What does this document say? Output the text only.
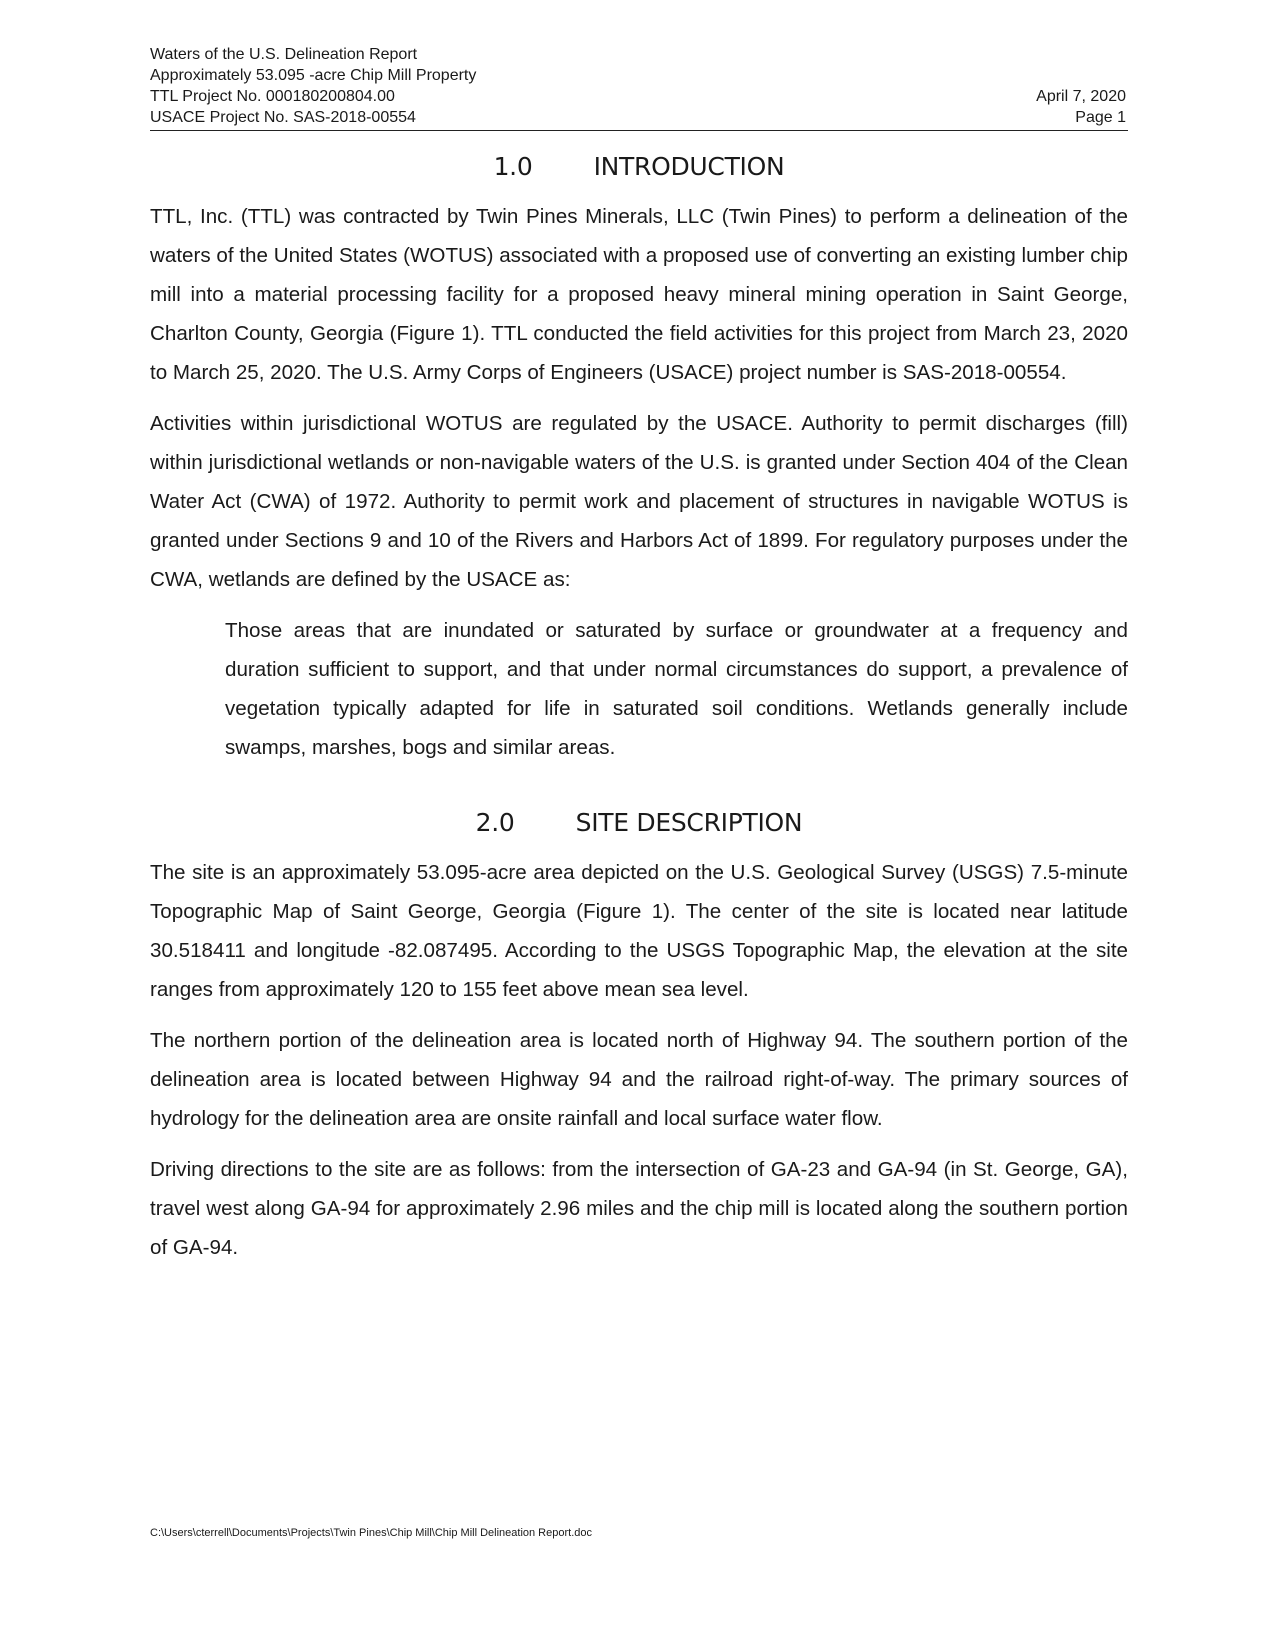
Waters of the U.S. Delineation Report
Approximately 53.095 -acre Chip Mill Property
TTL Project No. 000180200804.00
USACE Project No. SAS-2018-00554
April 7, 2020
Page 1
1.0 INTRODUCTION

TTL, Inc. (TTL) was contracted by Twin Pines Minerals, LLC (Twin Pines) to perform a delineation of the waters of the United States (WOTUS) associated with a proposed use of converting an existing lumber chip mill into a material processing facility for a proposed heavy mineral mining operation in Saint George, Charlton County, Georgia (Figure 1). TTL conducted the field activities for this project from March 23, 2020 to March 25, 2020. The U.S. Army Corps of Engineers (USACE) project number is SAS-2018-00554.

Activities within jurisdictional WOTUS are regulated by the USACE. Authority to permit discharges (fill) within jurisdictional wetlands or non-navigable waters of the U.S. is granted under Section 404 of the Clean Water Act (CWA) of 1972. Authority to permit work and placement of structures in navigable WOTUS is granted under Sections 9 and 10 of the Rivers and Harbors Act of 1899. For regulatory purposes under the CWA, wetlands are defined by the USACE as:

Those areas that are inundated or saturated by surface or groundwater at a frequency and duration sufficient to support, and that under normal circumstances do support, a prevalence of vegetation typically adapted for life in saturated soil conditions. Wetlands generally include swamps, marshes, bogs and similar areas.

2.0 SITE DESCRIPTION

The site is an approximately 53.095-acre area depicted on the U.S. Geological Survey (USGS) 7.5-minute Topographic Map of Saint George, Georgia (Figure 1). The center of the site is located near latitude 30.518411 and longitude -82.087495. According to the USGS Topographic Map, the elevation at the site ranges from approximately 120 to 155 feet above mean sea level.

The northern portion of the delineation area is located north of Highway 94. The southern portion of the delineation area is located between Highway 94 and the railroad right-of-way. The primary sources of hydrology for the delineation area are onsite rainfall and local surface water flow.

Driving directions to the site are as follows: from the intersection of GA-23 and GA-94 (in St. George, GA), travel west along GA-94 for approximately 2.96 miles and the chip mill is located along the southern portion of GA-94.

C:\Users\cterrell\Documents\Projects\Twin Pines\Chip Mill\Chip Mill Delineation Report.doc
